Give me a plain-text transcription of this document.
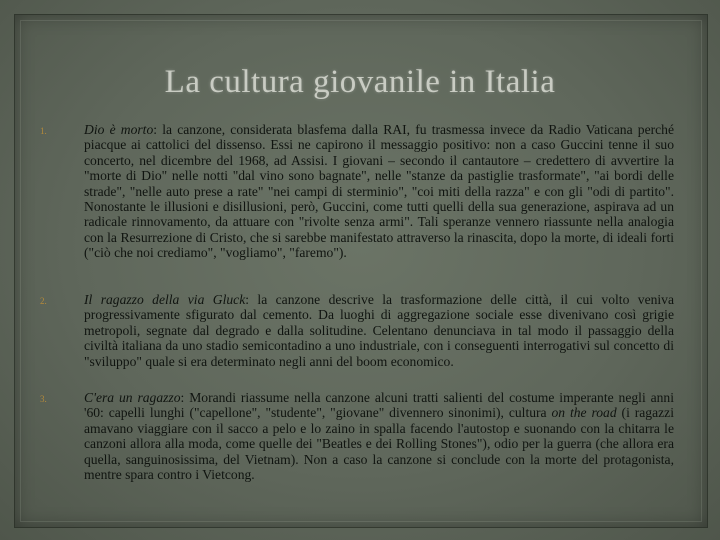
La cultura giovanile in Italia

1.	Dio è morto: la canzone, considerata blasfema dalla RAI, fu trasmessa invece da Radio Vaticana perché piacque ai cattolici del dissenso. Essi ne capirono il messaggio positivo: non a caso Guccini tenne il suo concerto, nel dicembre del 1968, ad Assisi. I giovani – secondo il cantautore – credettero di avvertire la "morte di Dio" nelle notti "dal vino sono bagnate", nelle "stanze da pastiglie trasformate", "ai bordi delle strade", "nelle auto prese a rate" "nei campi di sterminio", "coi miti della razza" e con gli "odi di partito". Nonostante le illusioni e disillusioni, però, Guccini, come tutti quelli della sua generazione, aspirava ad un radicale rinnovamento, da attuare con "rivolte senza armi". Tali speranze vennero riassunte nella analogia con la Resurrezione di Cristo, che si sarebbe manifestato attraverso la rinascita, dopo la morte, di ideali forti ("ciò che noi crediamo", "vogliamo", "faremo").

2.	Il ragazzo della via Gluck: la canzone descrive la trasformazione delle città, il cui volto veniva progressivamente sfigurato dal cemento. Da luoghi di aggregazione sociale esse divenivano così grigie metropoli, segnate dal degrado e dalla solitudine. Celentano denunciava in tal modo il passaggio della civiltà italiana da uno stadio semicontadino a uno industriale, con i conseguenti interrogativi sul concetto di "sviluppo" quale si era determinato negli anni del boom economico.

3.	C'era un ragazzo: Morandi riassume nella canzone alcuni tratti salienti del costume imperante negli anni '60: capelli lunghi ("capellone", "studente", "giovane" divennero sinonimi), cultura on the road (i ragazzi amavano viaggiare con il sacco a pelo e lo zaino in spalla facendo l'autostop e suonando con la chitarra le canzoni allora alla moda, come quelle dei "Beatles e dei Rolling Stones"), odio per la guerra (che allora era quella, sanguinosissima, del Vietnam). Non a caso la canzone si conclude con la morte del protagonista, mentre spara contro i Vietcong.
